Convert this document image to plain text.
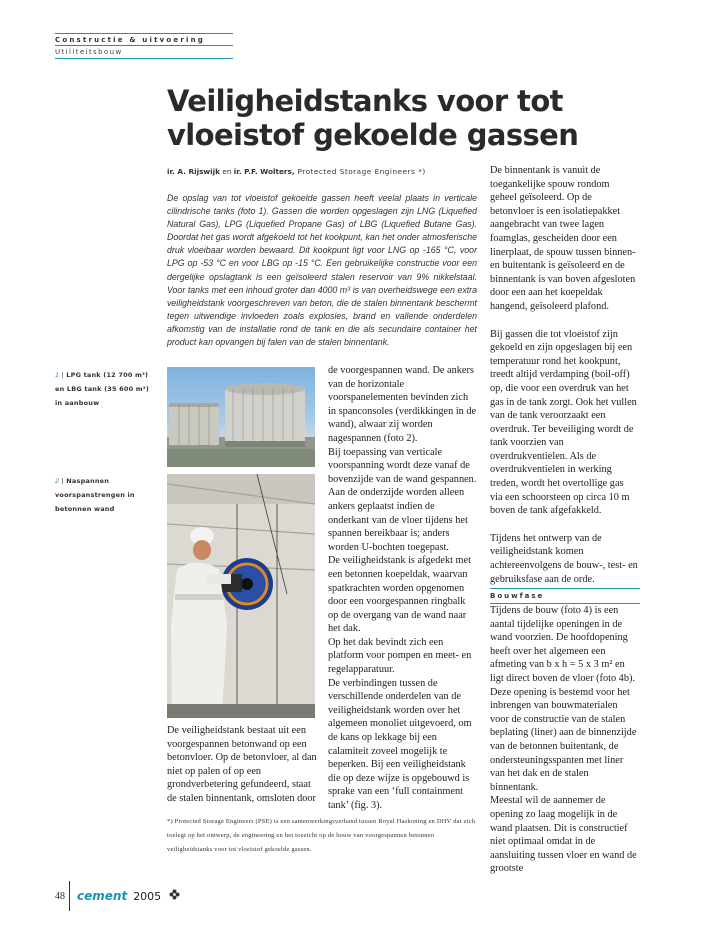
Constructie & uitvoering
Utiliteitsbouw
Veiligheidstanks voor tot
vloeistof gekoelde gassen
ir. A. Rijswijk en ir. P.F. Wolters, Protected Storage Engineers *)

De opslag van tot vloeistof gekoelde gassen heeft veelal plaats in verticale cilindrische tanks (foto 1). Gassen die worden opgeslagen zijn LNG (Liquefied Natural Gas), LPG (Liquefied Propane Gas) of LBG (Liquefied Butane Gas). Doordat het gas wordt afgekoeld tot het kookpunt, kan het onder atmosferische druk vloeibaar worden bewaard. Dit kookpunt ligt voor LNG op -165 °C, voor LPG op -53 °C en voor LBG op -15 °C. Een gebruikelijke constructie voor een dergelijke opslagtank is een geïsoleerd stalen reservoir van 9% nikkelstaal. Voor tanks met een inhoud groter dan 4000 m³ is van overheidswege een extra veiligheidstank voorgeschreven van beton, die de stalen binnentank beschermt tegen uitwendige invloeden zoals explosies, brand en vallende onderdelen afkomstig van de installatie rond de tank en die als secundaire container het product kan opvangen bij falen van de stalen binnentank.

1 | LPG tank (12 700 m³) en LBG tank (35 600 m³) in aanbouw
2 | Naspannen voorspanstrengen in betonnen wand

De veiligheidstank bestaat uit een voorgespannen betonwand op een betonvloer. Op de betonvloer, al dan niet op palen of op een grondverbetering gefundeerd, staat de stalen binnentank, omsloten door

de voorgespannen wand. De ankers van de horizontale voorspanelementen bevinden zich in spanconsoles (verdikkingen in de wand), alwaar zij worden nagespannen (foto 2).

Bij toepassing van verticale voorspanning wordt deze vanaf de bovenzijde van de wand gespannen. Aan de onderzijde worden alleen ankers geplaatst indien de onderkant van de vloer tijdens het spannen bereikbaar is; anders worden U-bochten toegepast.

De veiligheidstank is afgedekt met een betonnen koepeldak, waarvan spatkrachten worden opgenomen door een voorgespannen ringbalk op de overgang van de wand naar het dak.

Op het dak bevindt zich een platform voor pompen en meet- en regelapparatuur.

De verbindingen tussen de verschillende onderdelen van de veiligheidstank worden over het algemeen monoliet uitgevoerd, om de kans op lekkage bij een calamiteit zoveel mogelijk te beperken. Bij een veiligheidstank die op deze wijze is opgebouwd is sprake van een ‘full containment tank’ (fig. 3).

De binnentank is vanuit de toegankelijke spouw rondom geheel geïsoleerd. Op de betonvloer is een isolatiepakket aangebracht van twee lagen foamglas, gescheiden door een linerplaat, de spouw tussen binnen- en buitentank is geïsoleerd en de binnentank is van boven afgesloten door een aan het koepeldak hangend, geïsoleerd plafond.

Bij gassen die tot vloeistof zijn gekoeld en zijn opgeslagen bij een temperatuur rond het kookpunt, treedt altijd verdamping (boil-off) op, die voor een overdruk van het gas in de tank zorgt. Ook het vullen van de tank veroorzaakt een overdruk. Ter beveiliging wordt de tank voorzien van overdrukventielen. Als de overdrukventielen in werking treden, wordt het overtollige gas via een schoorsteen op circa 10 m boven de tank afgefakkeld.

Tijdens het ontwerp van de veiligheidstank komen achtereenvolgens de bouw-, test- en gebruiksfase aan de orde.

Bouwfase

Tijdens de bouw (foto 4) is een aantal tijdelijke openingen in de wand voorzien. De hoofdopening heeft over het algemeen een afmeting van b x h = 5 x 3 m² en ligt direct boven de vloer (foto 4b). Deze opening is bestemd voor het inbrengen van bouwmaterialen voor de constructie van de stalen beplating (liner) aan de binnenzijde van de betonnen buitentank, de ondersteuningsspanten met liner van het dak en de stalen binnentank.

Meestal wil de aannemer de opening zo laag mogelijk in de wand plaatsen. Dit is constructief niet optimaal omdat in de aansluiting tussen vloer en wand de grootste

*) Protected Storage Engineers (PSE) is een samenwerkingsverband tussen Royal Haskoning en DHV dat zich toelegt op het ontwerp, de engineering en het toezicht op de bouw van voorgespannen betonnen veiligheidstanks voor tot vloeistof gekoelde gassen.

48 cement 2005
